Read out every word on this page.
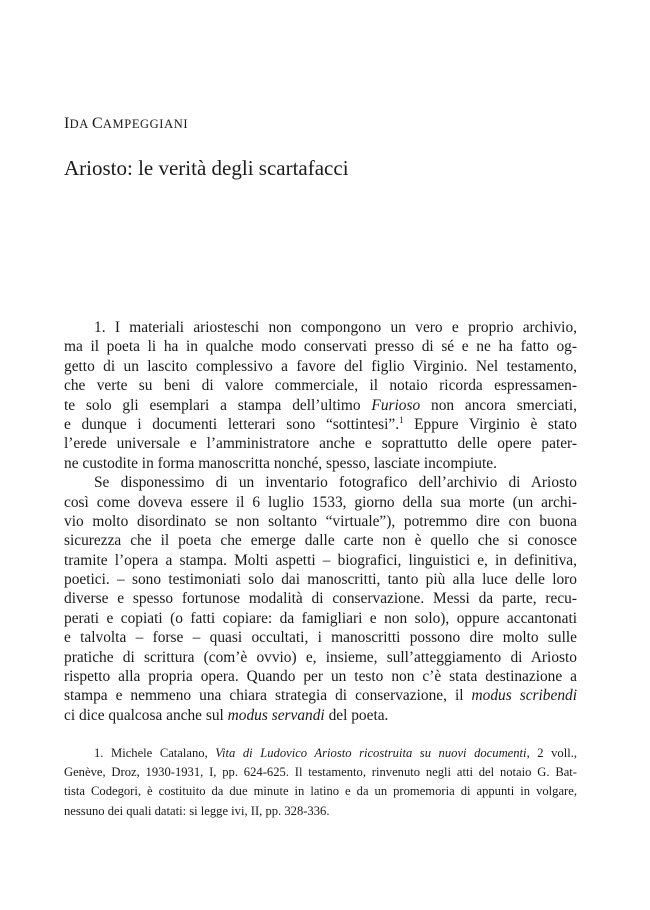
IDA CAMPEGGIANI
Ariosto: le verità degli scartafacci
1. I materiali ariosteschi non compongono un vero e proprio archivio,
ma il poeta li ha in qualche modo conservati presso di sé e ne ha fatto og-
getto di un lascito complessivo a favore del figlio Virginio. Nel testamento,
che verte su beni di valore commerciale, il notaio ricorda espressamen-
te solo gli esemplari a stampa dell’ultimo Furioso non ancora smerciati,
e dunque i documenti letterari sono “sottintesi”.$^1$ Eppure Virginio è stato
l’erede universale e l’amministratore anche e soprattutto delle opere pater-
ne custodite in forma manoscritta nonché, spesso, lasciate incompiute.
Se disponessimo di un inventario fotografico dell’archivio di Ariosto
così come doveva essere il 6 luglio 1533, giorno della sua morte (un archi-
vio molto disordinato se non soltanto “virtuale”), potremmo dire con buona
sicurezza che il poeta che emerge dalle carte non è quello che si conosce
tramite l’opera a stampa. Molti aspetti – biografici, linguistici e, in definitiva,
poetici. – sono testimoniati solo dai manoscritti, tanto più alla luce delle loro
diverse e spesso fortunose modalità di conservazione. Messi da parte, recu-
perati e copiati (o fatti copiare: da famigliari e non solo), oppure accantonati
e talvolta – forse – quasi occultati, i manoscritti possono dire molto sulle
pratiche di scrittura (com’è ovvio) e, insieme, sull’atteggiamento di Ariosto
rispetto alla propria opera. Quando per un testo non c’è stata destinazione a
stampa e nemmeno una chiara strategia di conservazione, il modus scribendi
ci dice qualcosa anche sul modus servandi del poeta.
1. Michele Catalano, Vita di Ludovico Ariosto ricostruita su nuovi documenti, 2 voll.,
Genève, Droz, 1930-1931, I, pp. 624-625. Il testamento, rinvenuto negli atti del notaio G. Bat-
tista Codegori, è costituito da due minute in latino e da un promemoria di appunti in volgare,
nessuno dei quali datati: si legge ivi, II, pp. 328-336.
